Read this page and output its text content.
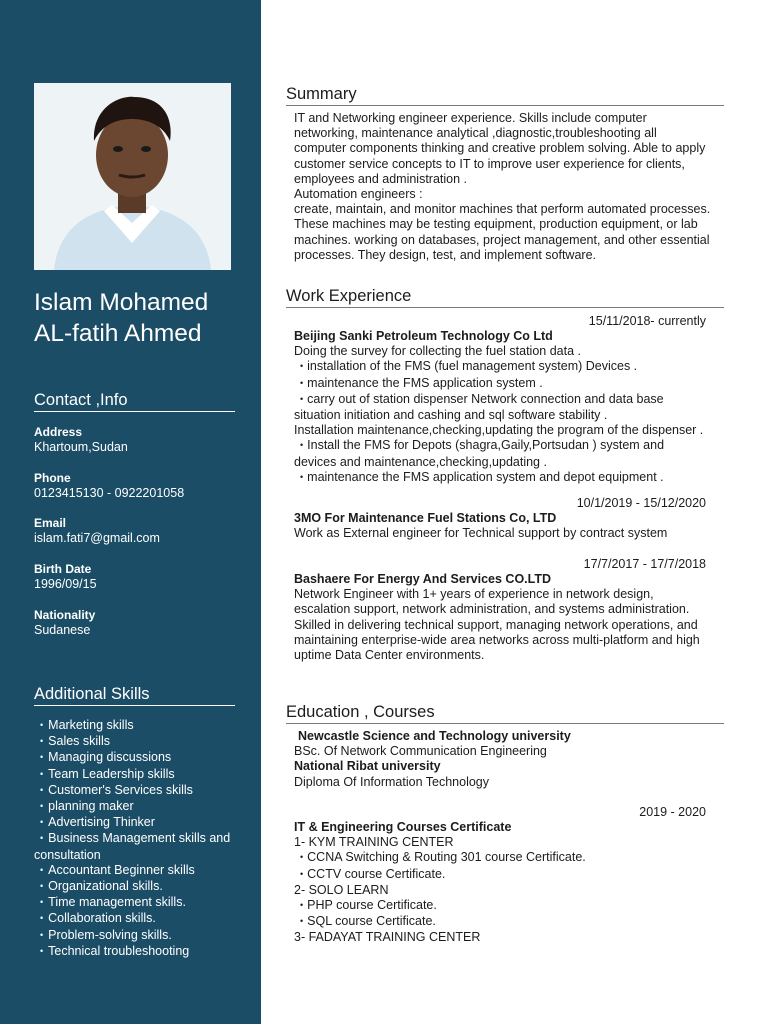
Islam Mohamed
AL-fatih Ahmed
Contact ,Info
Address
Khartoum,Sudan
Phone
0123415130 - 0922201058
Email
islam.fati7@gmail.com
Birth Date
1996/09/15
Nationality
Sudanese
Additional Skills
• Marketing skills
• Sales skills
• Managing discussions
• Team Leadership skills
• Customer's Services skills
• planning maker
• Advertising Thinker
• Business Management skills and
consultation
• Accountant Beginner skills
• Organizational skills.
• Time management skills.
• Collaboration skills.
• Problem-solving skills.
• Technical troubleshooting
Summary
IT and Networking engineer experience. Skills include computer
networking, maintenance analytical ,diagnostic,troubleshooting all
computer components thinking and creative problem solving. Able to apply
customer service concepts to IT to improve user experience for clients,
employees and administration .
Automation engineers :
create, maintain, and monitor machines that perform automated processes.
These machines may be testing equipment, production equipment, or lab
machines. working on databases, project management, and other essential
processes. They design, test, and implement software.
Work Experience
15/11/2018- currently
Beijing Sanki Petroleum Technology Co Ltd
Doing the survey for collecting the fuel station data .
• installation of the FMS (fuel management system) Devices .
• maintenance the FMS application system .
• carry out of station dispenser Network connection and data base
situation initiation and cashing and sql software stability .
Installation maintenance,checking,updating the program of the dispenser .
• Install the FMS for Depots (shagra,Gaily,Portsudan ) system and
devices and maintenance,checking,updating .
• maintenance the FMS application system and depot equipment .
10/1/2019 - 15/12/2020
3MO For Maintenance Fuel Stations Co, LTD
Work as External engineer for Technical support by contract system
17/7/2017 - 17/7/2018
Bashaere For Energy And Services CO.LTD
Network Engineer with 1+ years of experience in network design,
escalation support, network administration, and systems administration.
Skilled in delivering technical support, managing network operations, and
maintaining enterprise-wide area networks across multi-platform and high
uptime Data Center environments.
Education , Courses
Newcastle Science and Technology university
BSc. Of Network Communication Engineering
National Ribat university
Diploma Of Information Technology
2019 - 2020
IT & Engineering Courses Certificate
1- KYM TRAINING CENTER
• CCNA Switching & Routing 301 course Certificate.
• CCTV course Certificate.
2- SOLO LEARN
• PHP course Certificate.
• SQL course Certificate.
3- FADAYAT TRAINING CENTER
